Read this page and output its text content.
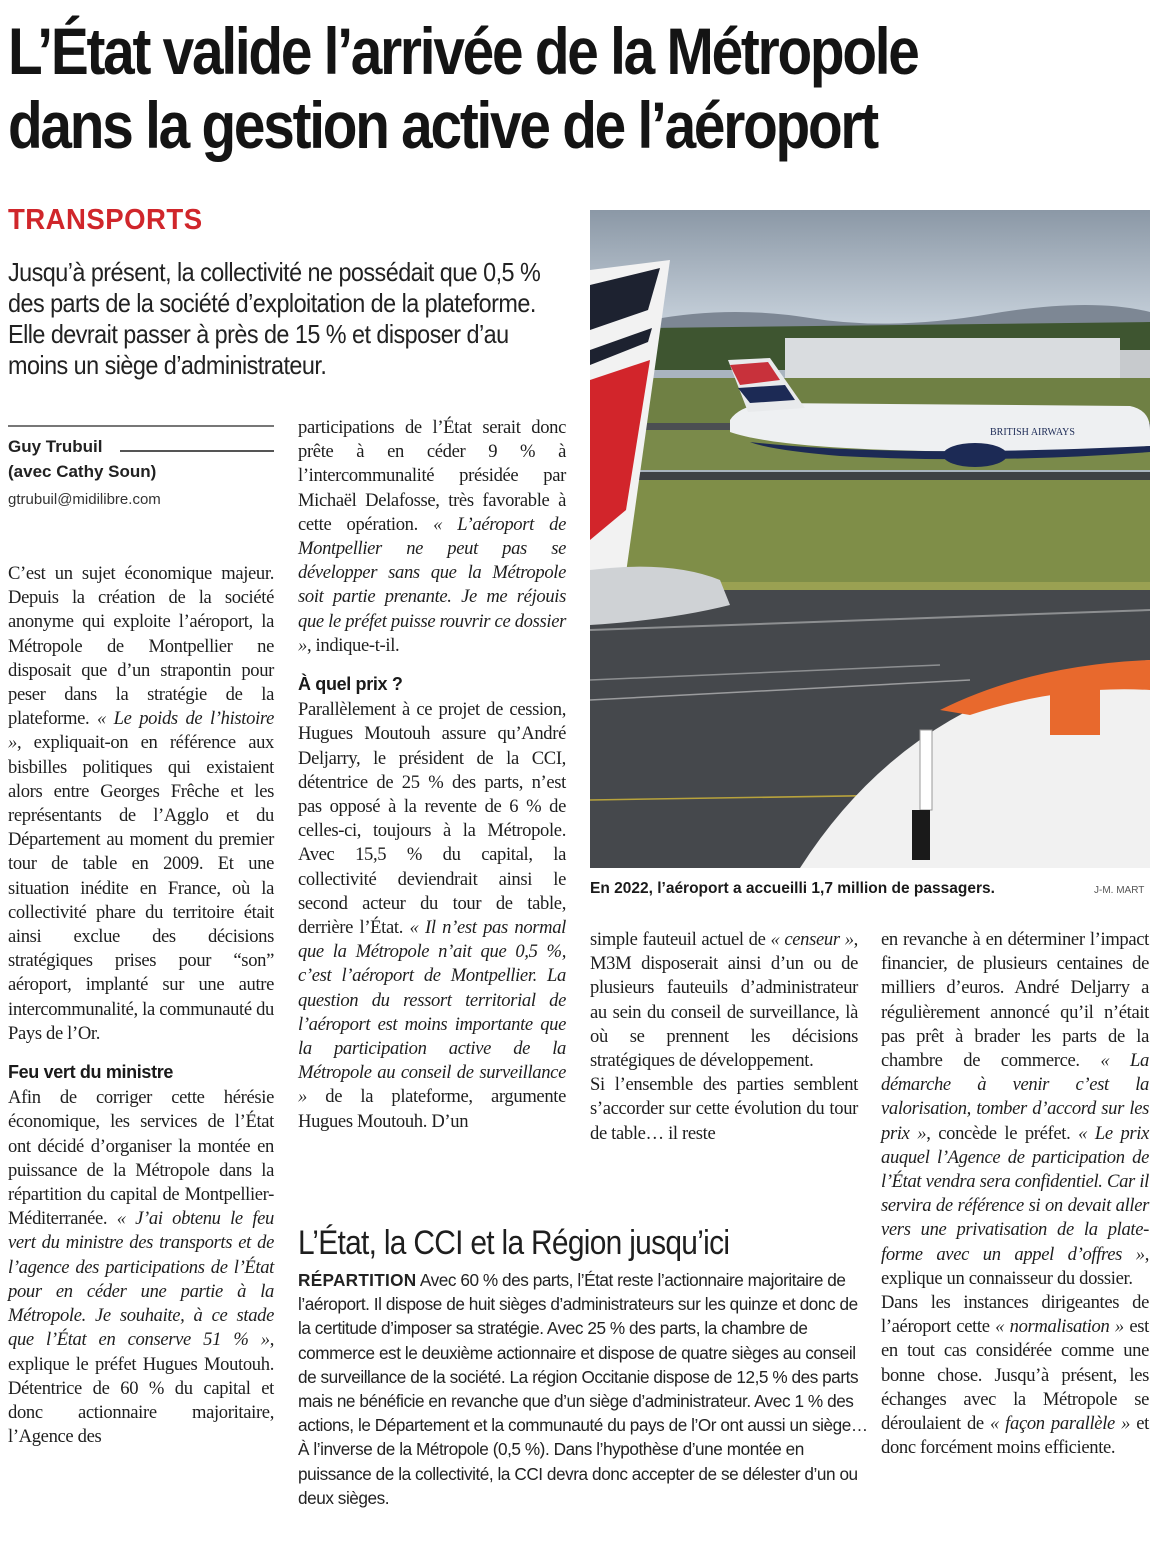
L’État valide l’arrivée de la Métropole
dans la gestion active de l’aéroport
TRANSPORTS
Jusqu’à présent, la collectivité ne possédait que 0,5 % des parts de la société d’exploitation de la plateforme. Elle devrait passer à près de 15 % et disposer d’au moins un siège d’administrateur.
Guy Trubuil
(avec Cathy Soun)
gtrubuil@midilibre.com

C’est un sujet économique majeur. Depuis la création de la société anonyme qui exploite l’aéroport, la Métropole de Montpellier ne disposait que d’un strapontin pour peser dans la stratégie de la plateforme. « Le poids de l’histoire », expliquait-on en référence aux bisbilles politiques qui existaient alors entre Georges Frêche et les représentants de l’Agglo et du Département au moment du premier tour de table en 2009. Et une situation inédite en France, où la collectivité phare du territoire était ainsi exclue des décisions stratégiques prises pour “son” aéroport, implanté sur une autre intercommunalité, la communauté du Pays de l’Or.

Feu vert du ministre

Afin de corriger cette hérésie économique, les services de l’État ont décidé d’organiser la montée en puissance de la Métropole dans la répartition du capital de Montpellier-Méditerranée. « J’ai obtenu le feu vert du ministre des transports et de l’agence des participations de l’État pour en céder une partie à la Métropole. Je souhaite, à ce stade que l’État en conserve 51 % », explique le préfet Hugues Moutouh. Détentrice de 60 % du capital et donc actionnaire majoritaire, l’Agence des

participations de l’État serait donc prête à en céder 9 % à l’intercommunalité présidée par Michaël Delafosse, très favorable à cette opération. « L’aéroport de Montpellier ne peut pas se développer sans que la Métropole soit partie prenante. Je me réjouis que le préfet puisse rouvrir ce dossier », indique-t-il.

À quel prix ?

Parallèlement à ce projet de cession, Hugues Moutouh assure qu’André Deljarry, le président de la CCI, détentrice de 25 % des parts, n’est pas opposé à la revente de 6 % de celles-ci, toujours à la Métropole. Avec 15,5 % du capital, la collectivité deviendrait ainsi le second acteur du tour de table, derrière l’État. « Il n’est pas normal que la Métropole n’ait que 0,5 %, c’est l’aéroport de Montpellier. La question du ressort territorial de l’aéroport est moins importante que la participation active de la Métropole au conseil de surveillance » de la plateforme, argumente Hugues Moutouh. D’un

BRITISH AIRWAYS
En 2022, l’aéroport a accueilli 1,7 million de passagers.	J-M. MART

simple fauteuil actuel de « censeur », M3M disposerait ainsi d’un ou de plusieurs fauteuils d’administrateur au sein du conseil de surveillance, là où se prennent les décisions stratégiques de développement.

Si l’ensemble des parties semblent s’accorder sur cette évolution du tour de table… il reste

en revanche à en déterminer l’impact financier, de plusieurs centaines de milliers d’euros. André Deljarry a régulièrement annoncé qu’il n’était pas prêt à brader les parts de la chambre de commerce. « La démarche à venir c’est la valorisation, tomber d’accord sur les prix », concède le préfet. « Le prix auquel l’Agence de participation de l’État vendra sera confidentiel. Car il servira de référence si on devait aller vers une privatisation de la plate-forme avec un appel d’offres », explique un connaisseur du dossier.

Dans les instances dirigeantes de l’aéroport cette « normalisation » est en tout cas considérée comme une bonne chose. Jusqu’à présent, les échanges avec la Métropole se déroulaient de « façon parallèle » et donc forcément moins efficiente.

L’État, la CCI et la Région jusqu’ici
RÉPARTITION Avec 60 % des parts, l’État reste l’actionnaire majoritaire de l’aéroport. Il dispose de huit sièges d’administrateurs sur les quinze et donc de la certitude d’imposer sa stratégie. Avec 25 % des parts, la chambre de commerce est le deuxième actionnaire et dispose de quatre sièges au conseil de surveillance de la société. La région Occitanie dispose de 12,5 % des parts mais ne bénéficie en revanche que d’un siège d’administrateur. Avec 1 % des actions, le Département et la communauté du pays de l’Or ont aussi un siège… À l’inverse de la Métropole (0,5 %). Dans l’hypothèse d’une montée en puissance de la collectivité, la CCI devra donc accepter de se délester d’un ou deux sièges.
